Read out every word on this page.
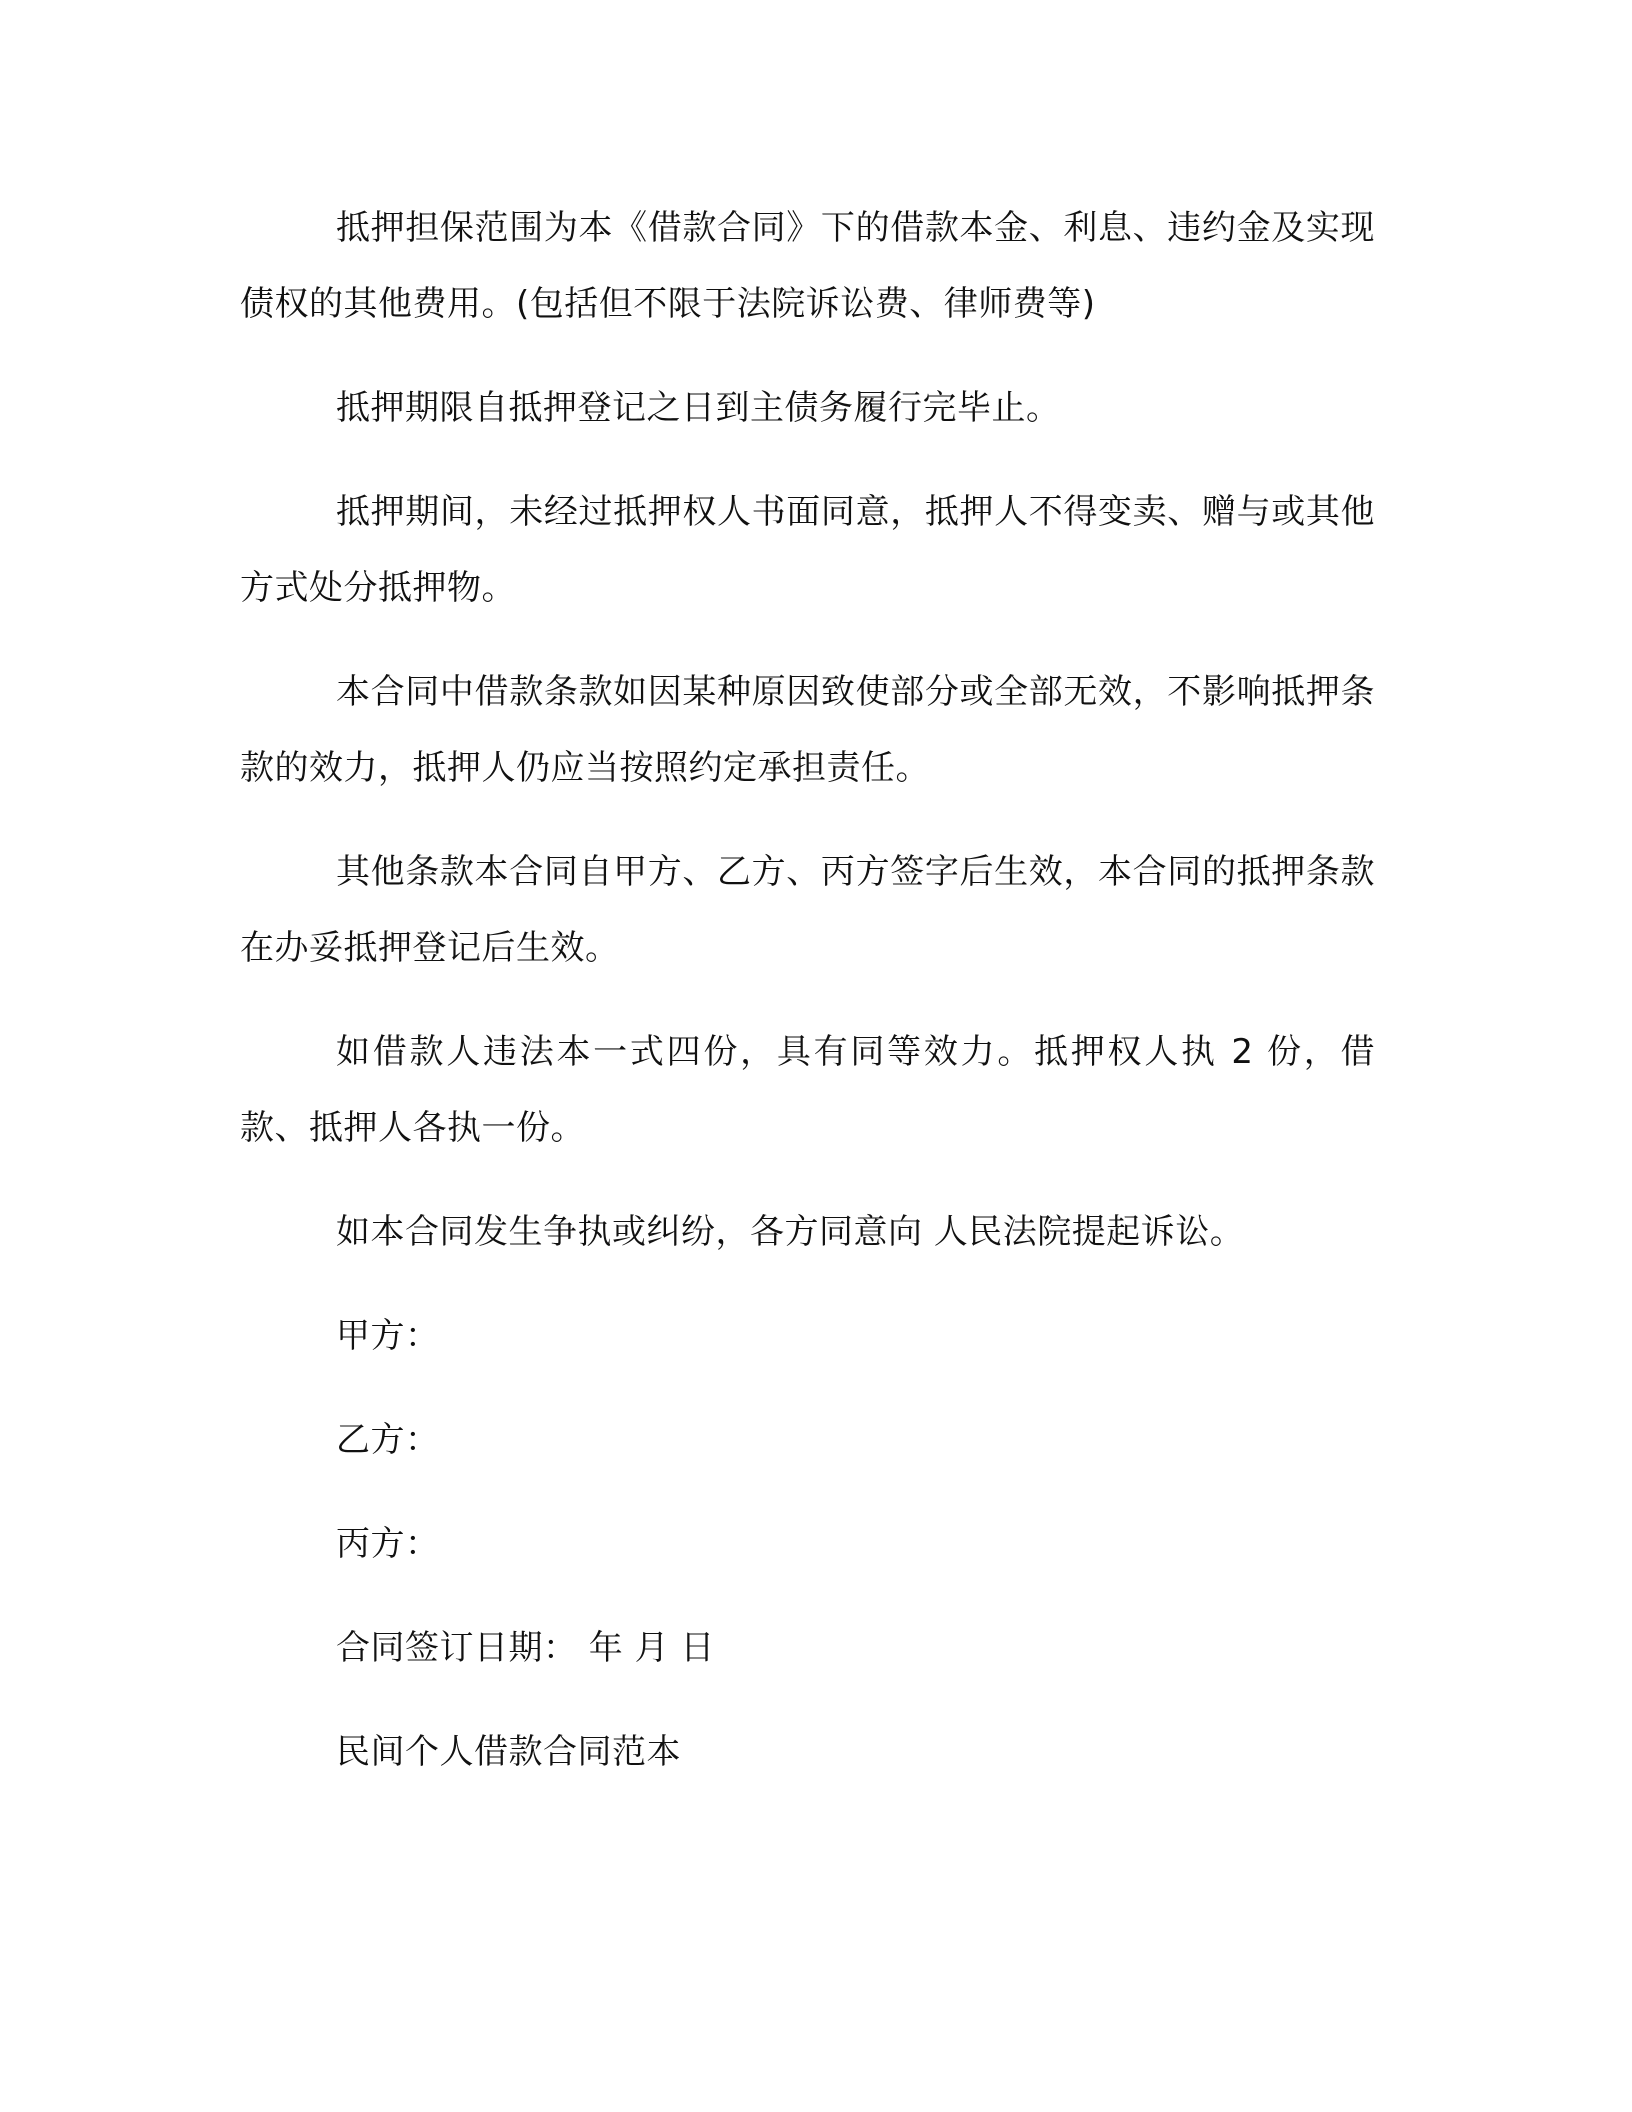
抵押担保范围为本《借款合同》下的借款本金、利息、违约金及实现债权的其他费用。(包括但不限于法院诉讼费、律师费等)

抵押期限自抵押登记之日到主债务履行完毕止。

抵押期间，未经过抵押权人书面同意，抵押人不得变卖、赠与或其他方式处分抵押物。

本合同中借款条款如因某种原因致使部分或全部无效，不影响抵押条款的效力，抵押人仍应当按照约定承担责任。

其他条款本合同自甲方、乙方、丙方签字后生效，本合同的抵押条款在办妥抵押登记后生效。

如借款人违法本一式四份，具有同等效力。抵押权人执 2 份，借款、抵押人各执一份。

如本合同发生争执或纠纷，各方同意向 人民法院提起诉讼。

甲方：

乙方：

丙方：

合同签订日期： 年 月 日

民间个人借款合同范本
